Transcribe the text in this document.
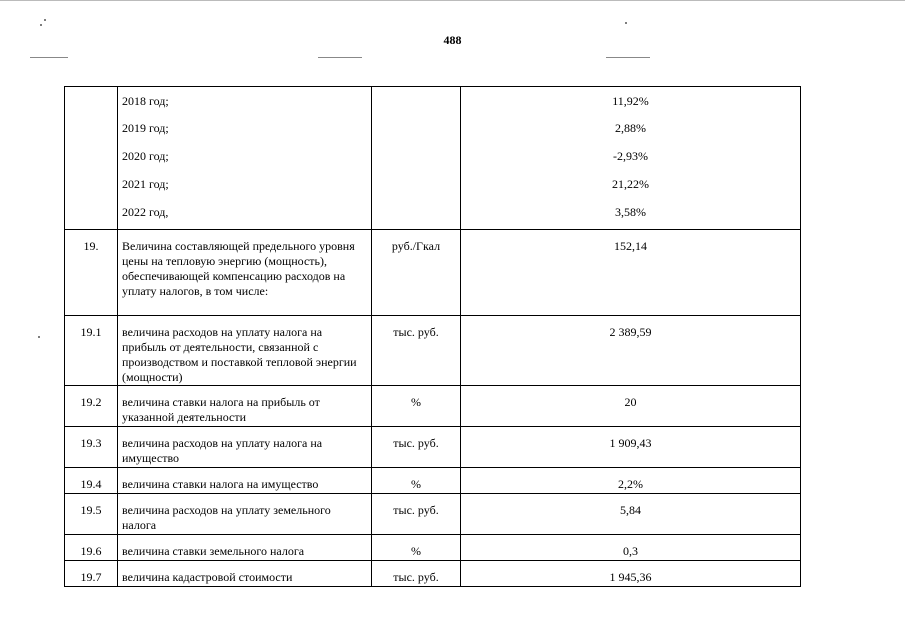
488
	2018 год;		11,92%
	2019 год;		2,88%
	2020 год;		-2,93%
	2021 год;		21,22%
	2022 год,		3,58%
19.	Величина составляющей предельного уровня цены на тепловую энергию (мощность), обеспечивающей компенсацию расходов на уплату налогов, в том числе:	руб./Гкал	152,14
19.1	величина расходов на уплату налога на прибыль от деятельности, связанной с производством и поставкой тепловой энергии (мощности)	тыс. руб.	2 389,59
19.2	величина ставки налога на прибыль от указанной деятельности	%	20
19.3	величина расходов на уплату налога на имущество	тыс. руб.	1 909,43
19.4	величина ставки налога на имущество	%	2,2%
19.5	величина расходов на уплату земельного налога	тыс. руб.	5,84
19.6	величина ставки земельного налога	%	0,3
19.7	величина кадастровой стоимости	тыс. руб.	1 945,36
